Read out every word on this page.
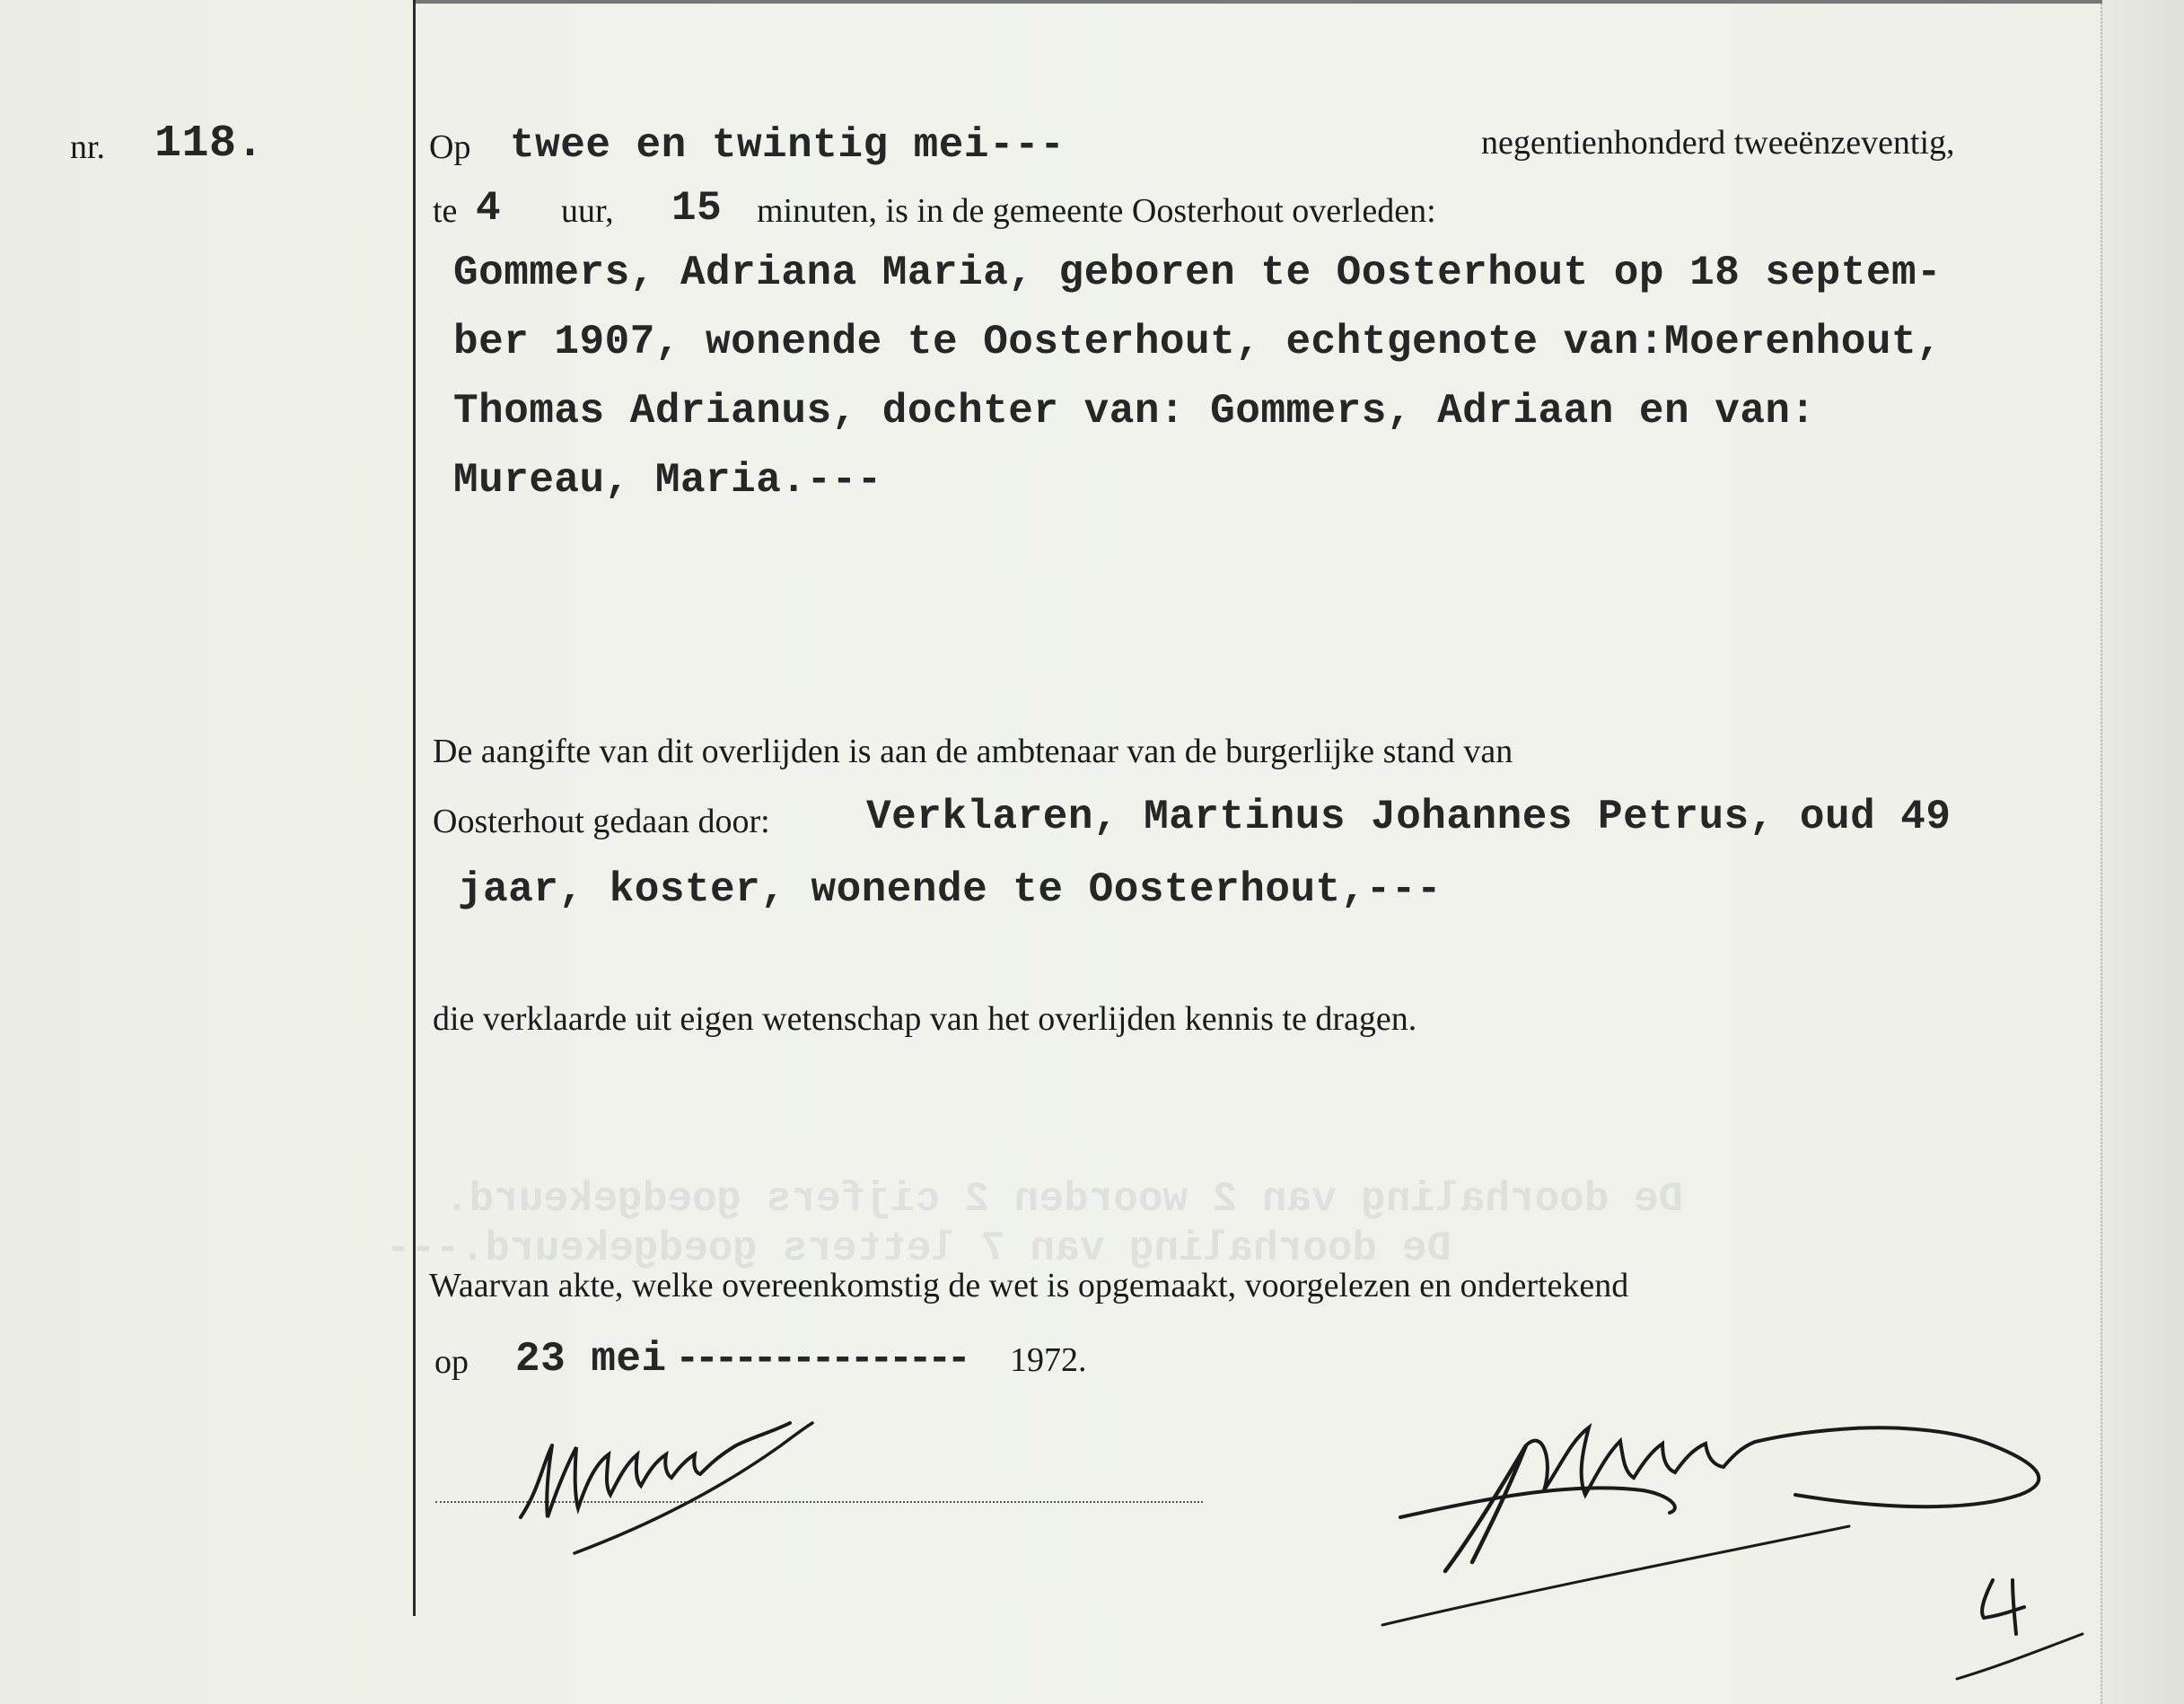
De doorhaling van 2 woorden 2 cijfers goedgekeurd.
De doorhaling van 7 letters goedgekeurd.---
nr. 118.	Op twee en twintig mei---	negentienhonderd tweeënzeventig,
te 4 uur, 15 minuten, is in de gemeente Oosterhout overleden:
Gommers, Adriana Maria, geboren te Oosterhout op 18 septem-
ber 1907, wonende te Oosterhout, echtgenote van:Moerenhout,
Thomas Adrianus, dochter van: Gommers, Adriaan en van:
Mureau, Maria.---
De aangifte van dit overlijden is aan de ambtenaar van de burgerlijke stand van
Oosterhout gedaan door: Verklaren, Martinus Johannes Petrus, oud 49
jaar, koster, wonende te Oosterhout,---
die verklaarde uit eigen wetenschap van het overlijden kennis te dragen.
Waarvan akte, welke overeenkomstig de wet is opgemaakt, voorgelezen en ondertekend
op 23 mei --------------- 1972.
